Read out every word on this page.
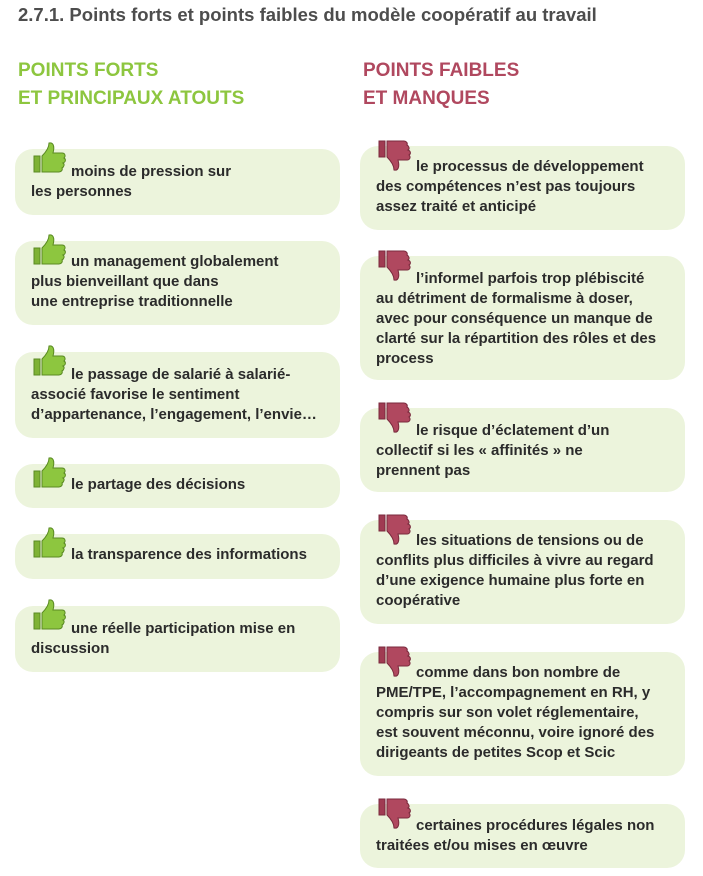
2.7.1. Points forts et points faibles du modèle coopératif au travail
POINTS FORTS
ET PRINCIPAUX ATOUTS
POINTS FAIBLES
ET MANQUES
moins de pression sur
les personnes
un management globalement
plus bienveillant que dans
une entreprise traditionnelle
le passage de salarié à salarié-
associé favorise le sentiment
d’appartenance, l’engagement, l’envie…
le partage des décisions
la transparence des informations
une réelle participation mise en
discussion
le processus de développement
des compétences n’est pas toujours
assez traité et anticipé
l’informel parfois trop plébiscité
au détriment de formalisme à doser,
avec pour conséquence un manque de
clarté sur la répartition des rôles et des
process
le risque d’éclatement d’un
collectif si les « affinités » ne
prennent pas
les situations de tensions ou de
conflits plus difficiles à vivre au regard
d’une exigence humaine plus forte en
coopérative
comme dans bon nombre de
PME/TPE, l’accompagnement en RH, y
compris sur son volet réglementaire,
est souvent méconnu, voire ignoré des
dirigeants de petites Scop et Scic
certaines procédures légales non
traitées et/ou mises en œuvre
